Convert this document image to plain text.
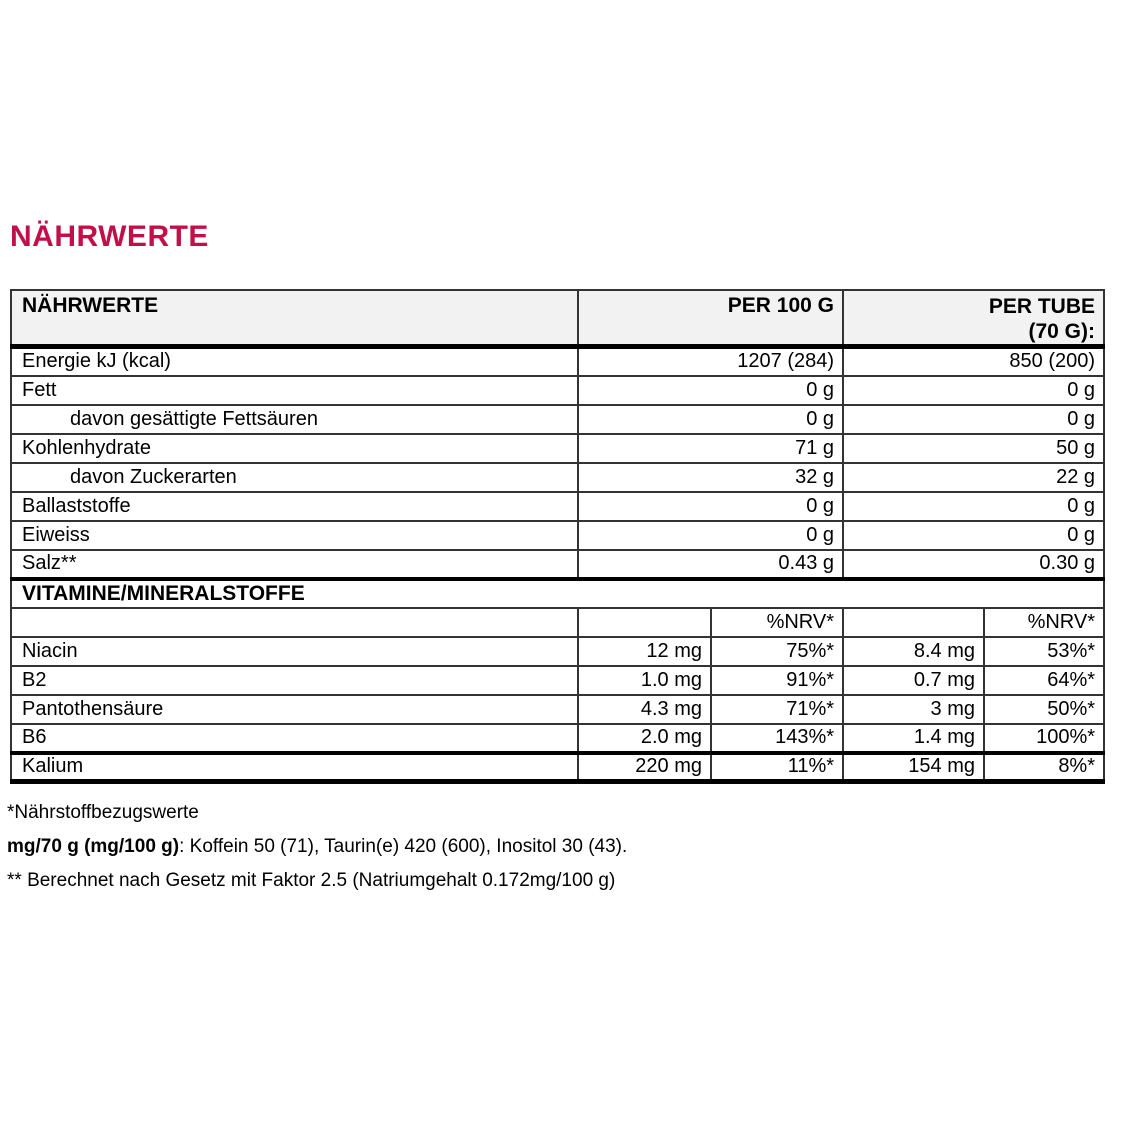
NÄHRWERTE
NÄHRWERTE	PER 100 G		PER TUBE
(70 G):	

Energie kJ (kcal)	1207 (284)		850 (200)	
Fett	0 g		0 g	
davon gesättigte Fettsäuren	0 g		0 g	
Kohlenhydrate	71 g		50 g	
davon Zuckerarten	32 g		22 g	
Ballaststoffe	0 g		0 g	
Eiweiss	0 g		0 g	
Salz**	0.43 g		0.30 g	
VITAMINE/MINERALSTOFFE				
		%NRV*		%NRV*
Niacin	12 mg	75%*	8.4 mg	53%*
B2	1.0 mg	91%*	0.7 mg	64%*
Pantothensäure	4.3 mg	71%*	3 mg	50%*
B6	2.0 mg	143%*	1.4 mg	100%*
Kalium	220 mg	11%*	154 mg	8%*

*Nährstoffbezugswerte

mg/70 g (mg/100 g): Koffein 50 (71), Taurin(e) 420 (600), Inositol 30 (43).

** Berechnet nach Gesetz mit Faktor 2.5 (Natriumgehalt 0.172mg/100 g)
